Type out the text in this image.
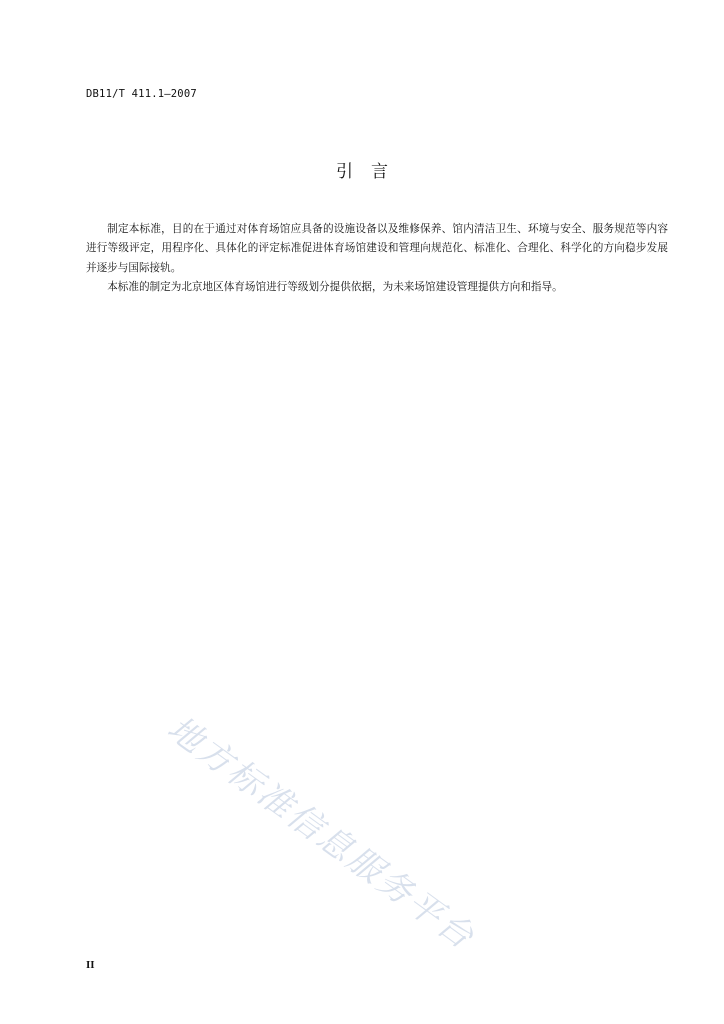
DB11/T 411.1—2007
引言

制定本标准，目的在于通过对体育场馆应具备的设施设备以及维修保养、馆内清洁卫生、环境与安全、服务规范等内容进行等级评定，用程序化、具体化的评定标准促进体育场馆建设和管理向规范化、标准化、合理化、科学化的方向稳步发展并逐步与国际接轨。

本标准的制定为北京地区体育场馆进行等级划分提供依据，为未来场馆建设管理提供方向和指导。

地方标准信息服务平台
II
